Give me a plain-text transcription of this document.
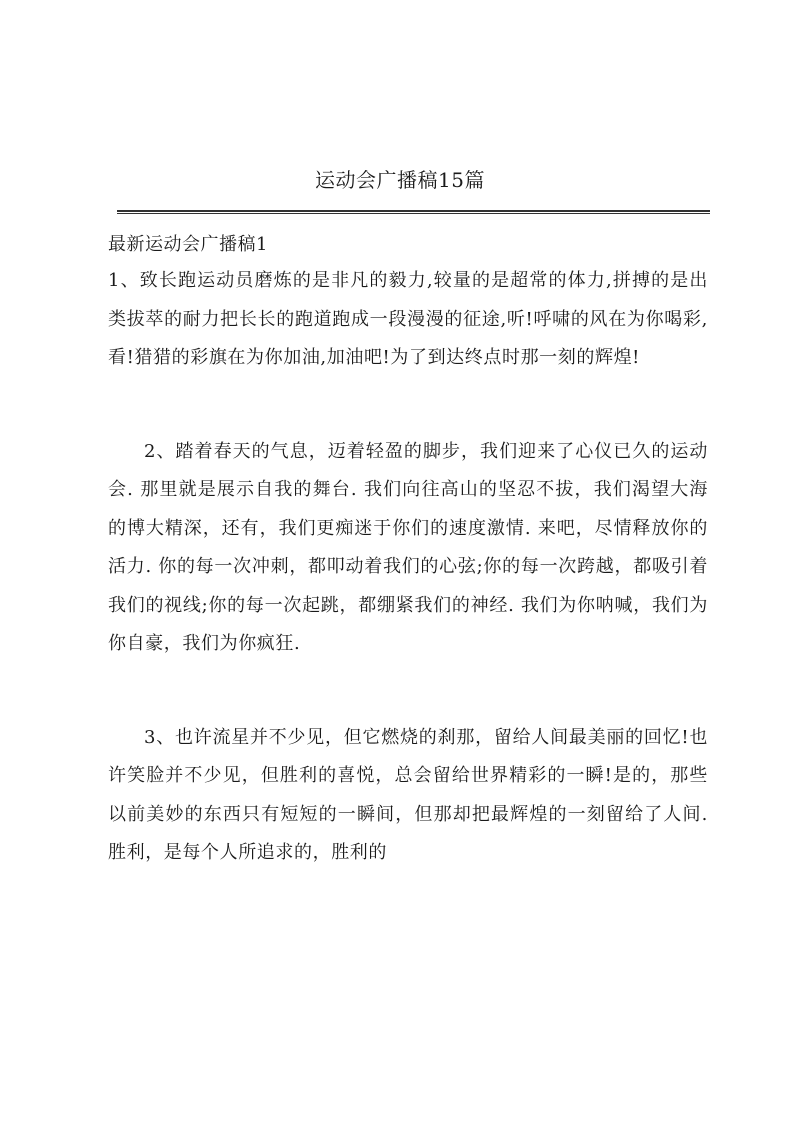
运动会广播稿15篇
最新运动会广播稿1

1、致长跑运动员磨炼的是非凡的毅力,较量的是超常的体力,拼搏的是出类拔萃的耐力把长长的跑道跑成一段漫漫的征途,听!呼啸的风在为你喝彩,看!猎猎的彩旗在为你加油,加油吧!为了到达终点时那一刻的辉煌!

2、踏着春天的气息，迈着轻盈的脚步，我们迎来了心仪已久的运动会. 那里就是展示自我的舞台. 我们向往高山的坚忍不拔，我们渴望大海的博大精深，还有，我们更痴迷于你们的速度激情. 来吧，尽情释放你的活力. 你的每一次冲刺，都叩动着我们的心弦;你的每一次跨越，都吸引着我们的视线;你的每一次起跳，都绷紧我们的神经. 我们为你呐喊，我们为你自豪，我们为你疯狂.

3、也许流星并不少见，但它燃烧的刹那，留给人间最美丽的回忆!也许笑脸并不少见，但胜利的喜悦，总会留给世界精彩的一瞬!是的，那些以前美妙的东西只有短短的一瞬间，但那却把最辉煌的一刻留给了人间. 胜利，是每个人所追求的，胜利的
